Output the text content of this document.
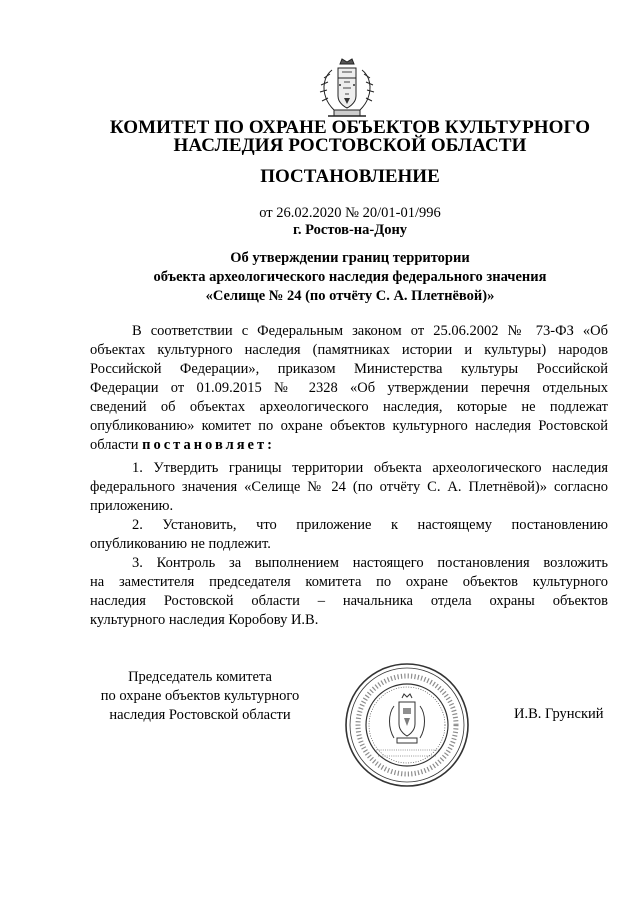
КОМИТЕТ ПО ОХРАНЕ ОБЪЕКТОВ КУЛЬТУРНОГО
НАСЛЕДИЯ РОСТОВСКОЙ ОБЛАСТИ
ПОСТАНОВЛЕНИЕ
от 26.02.2020 № 20/01-01/996
г. Ростов-на-Дону
Об утверждении границ территории
объекта археологического наследия федерального значения
«Селище № 24 (по отчёту С. А. Плетнёвой)»
В соответствии с Федеральным законом от 25.06.2002 № 73-ФЗ «Об
объектах культурного наследия (памятниках истории и культуры) народов
Российской Федерации», приказом Министерства культуры Российской
Федерации от 01.09.2015 № 2328 «Об утверждении перечня отдельных
сведений об объектах археологического наследия, которые не подлежат
опубликованию» комитет по охране объектов культурного наследия Ростовской
области постановляет:
1. Утвердить границы территории объекта археологического наследия
федерального значения «Селище № 24 (по отчёту С. А. Плетнёвой)» согласно
приложению.
2. Установить, что приложение к настоящему постановлению
опубликованию не подлежит.
3. Контроль за выполнением настоящего постановления возложить
на заместителя председателя комитета по охране объектов культурного
наследия Ростовской области – начальника отдела охраны объектов
культурного наследия Коробову И.В.
Председатель комитета
по охране объектов культурного
наследия Ростовской области	И.В. Грунский
